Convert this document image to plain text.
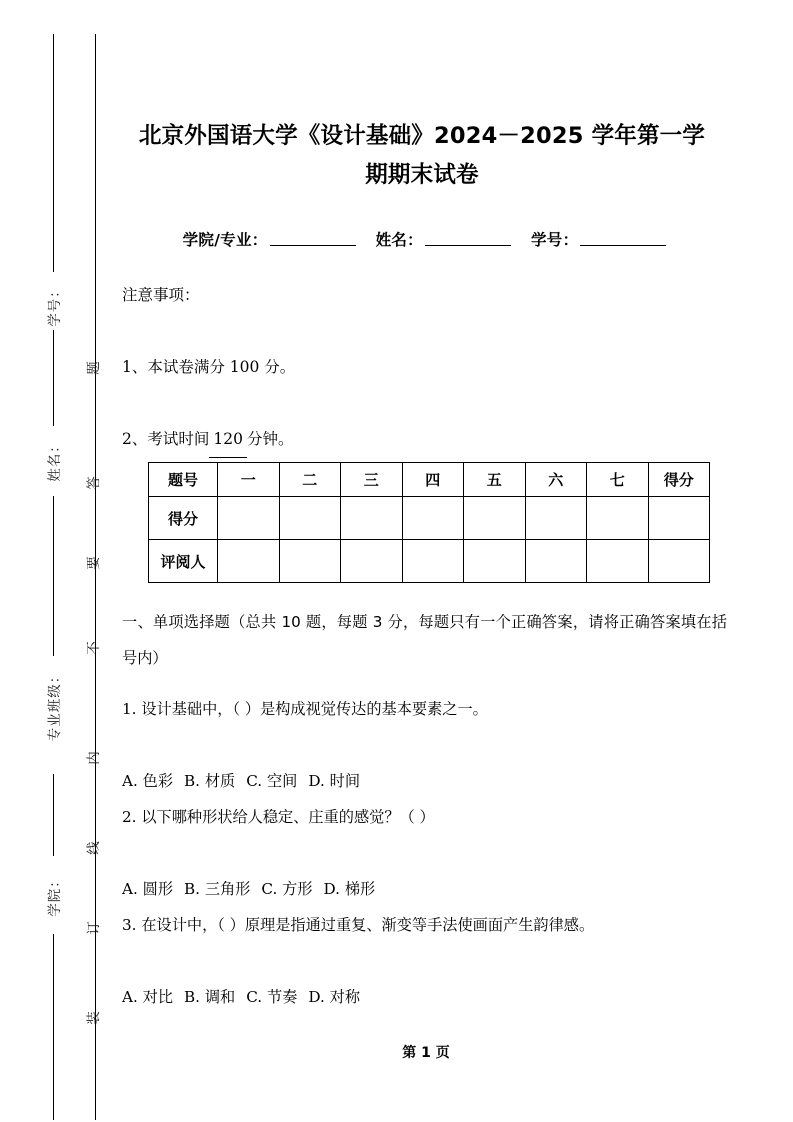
学号：
姓名：
专业班级：
学院：
题
答
要
不
内
线
订
装
北京外国语大学《设计基础》2024－2025 学年第一学
期期末试卷
学院/专业：	姓名：	学号：
注意事项：
1、本试卷满分 100 分。
2、考试时间 120 分钟。
题号	一	二	三	四	五	六	七	得分
得分								
评阅人								
一、单项选择题（总共 10 题，每题 3 分，每题只有一个正确答案，请将正确答案填在括号内）
1. 设计基础中，（ ）是构成视觉传达的基本要素之一。
A. 色彩 B. 材质 C. 空间 D. 时间
2. 以下哪种形状给人稳定、庄重的感觉？（ ）
A. 圆形 B. 三角形 C. 方形 D. 梯形
3. 在设计中，（ ）原理是指通过重复、渐变等手法使画面产生韵律感。
A. 对比 B. 调和 C. 节奏 D. 对称
第 1 页
